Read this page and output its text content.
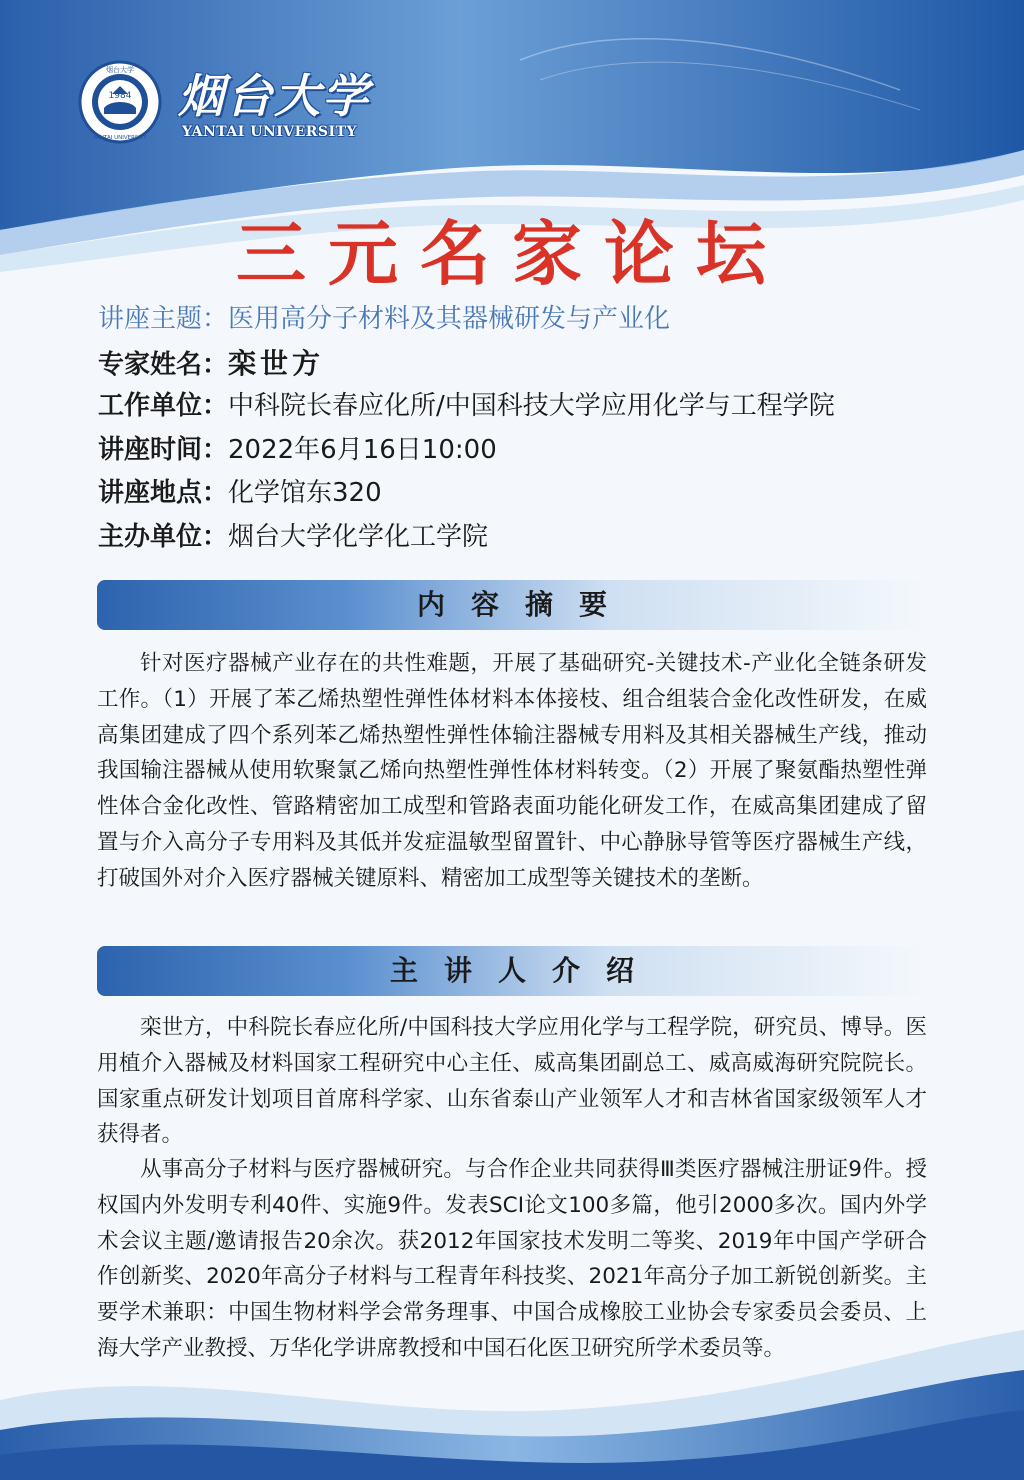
1984
烟台大学
YANTAI UNIVERSITY
烟台大学
YANTAI UNIVERSITY
三元名家论坛
讲座主题：医用高分子材料及其器械研发与产业化
专家姓名：栾世方
工作单位：中科院长春应化所/中国科技大学应用化学与工程学院
讲座时间：2022年6月16日10:00
讲座地点：化学馆东320
主办单位：烟台大学化学化工学院
内容摘要

针对医疗器械产业存在的共性难题，开展了基础研究-关键技术-产业化全链条研发工作。（1）开展了苯乙烯热塑性弹性体材料本体接枝、组合组装合金化改性研发，在威高集团建成了四个系列苯乙烯热塑性弹性体输注器械专用料及其相关器械生产线，推动我国输注器械从使用软聚氯乙烯向热塑性弹性体材料转变。（2）开展了聚氨酯热塑性弹性体合金化改性、管路精密加工成型和管路表面功能化研发工作，在威高集团建成了留置与介入高分子专用料及其低并发症温敏型留置针、中心静脉导管等医疗器械生产线，打破国外对介入医疗器械关键原料、精密加工成型等关键技术的垄断。

主讲人介绍

栾世方，中科院长春应化所/中国科技大学应用化学与工程学院，研究员、博导。医用植介入器械及材料国家工程研究中心主任、威高集团副总工、威高威海研究院院长。国家重点研发计划项目首席科学家、山东省泰山产业领军人才和吉林省国家级领军人才获得者。

从事高分子材料与医疗器械研究。与合作企业共同获得Ⅲ类医疗器械注册证9件。授权国内外发明专利40件、实施9件。发表SCI论文100多篇，他引2000多次。国内外学术会议主题/邀请报告20余次。获2012年国家技术发明二等奖、2019年中国产学研合作创新奖、2020年高分子材料与工程青年科技奖、2021年高分子加工新锐创新奖。主要学术兼职：中国生物材料学会常务理事、中国合成橡胶工业协会专家委员会委员、上海大学产业教授、万华化学讲席教授和中国石化医卫研究所学术委员等。
